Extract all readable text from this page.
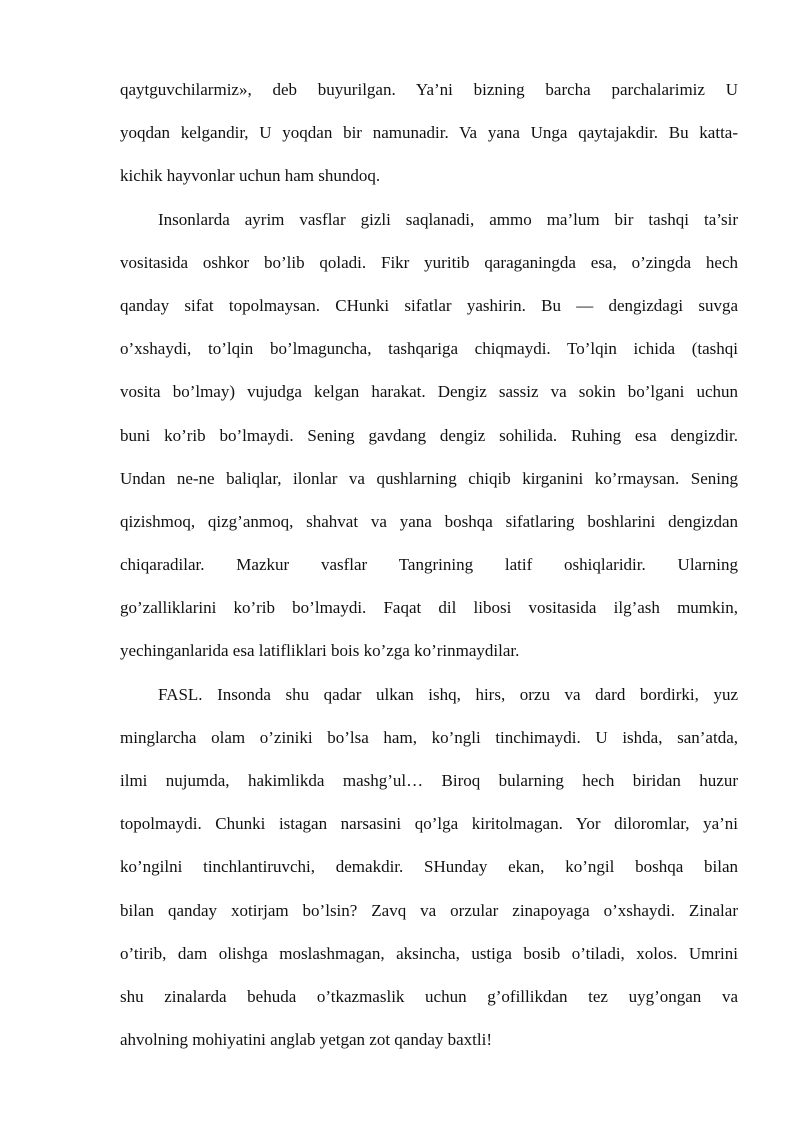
qaytguvchilarmiz», deb buyurilgan. Ya’ni bizning barcha parchalarimiz U
yoqdan kelgandir, U yoqdan bir namunadir. Va yana Unga qaytajakdir. Bu katta-
kichik hayvonlar uchun ham shundoq.
Insonlarda ayrim vasflar gizli saqlanadi, ammo ma’lum bir tashqi ta’sir
vositasida oshkor bo’lib qoladi. Fikr yuritib qaraganingda esa, o’zingda hech
qanday sifat topolmaysan. CHunki sifatlar yashirin. Bu — dengizdagi suvga
o’xshaydi, to’lqin bo’lmaguncha, tashqariga chiqmaydi. To’lqin ichida (tashqi
vosita bo’lmay) vujudga kelgan harakat. Dengiz sassiz va sokin bo’lgani uchun
buni ko’rib bo’lmaydi. Sening gavdang dengiz sohilida. Ruhing esa dengizdir.
Undan ne-ne baliqlar, ilonlar va qushlarning chiqib kirganini ko’rmaysan. Sening
qizishmoq, qizg’anmoq, shahvat va yana boshqa sifatlaring boshlarini dengizdan
chiqaradilar. Mazkur vasflar Tangrining latif oshiqlaridir. Ularning
go’zalliklarini ko’rib bo’lmaydi. Faqat dil libosi vositasida ilg’ash mumkin,
yechinganlarida esa latifliklari bois ko’zga ko’rinmaydilar.
FASL. Insonda shu qadar ulkan ishq, hirs, orzu va dard bordirki, yuz
minglarcha olam o’ziniki bo’lsa ham, ko’ngli tinchimaydi. U ishda, san’atda,
ilmi nujumda, hakimlikda mashg’ul… Biroq bularning hech biridan huzur
topolmaydi. Chunki istagan narsasini qo’lga kiritolmagan. Yor diloromlar, ya’ni
ko’ngilni tinchlantiruvchi, demakdir. SHunday ekan, ko’ngil boshqa bilan
bilan qanday xotirjam bo’lsin? Zavq va orzular zinapoyaga o’xshaydi. Zinalar
o’tirib, dam olishga moslashmagan, aksincha, ustiga bosib o’tiladi, xolos. Umrini
shu zinalarda behuda o’tkazmaslik uchun g’ofillikdan tez uyg’ongan va
ahvolning mohiyatini anglab yetgan zot qanday baxtli!
